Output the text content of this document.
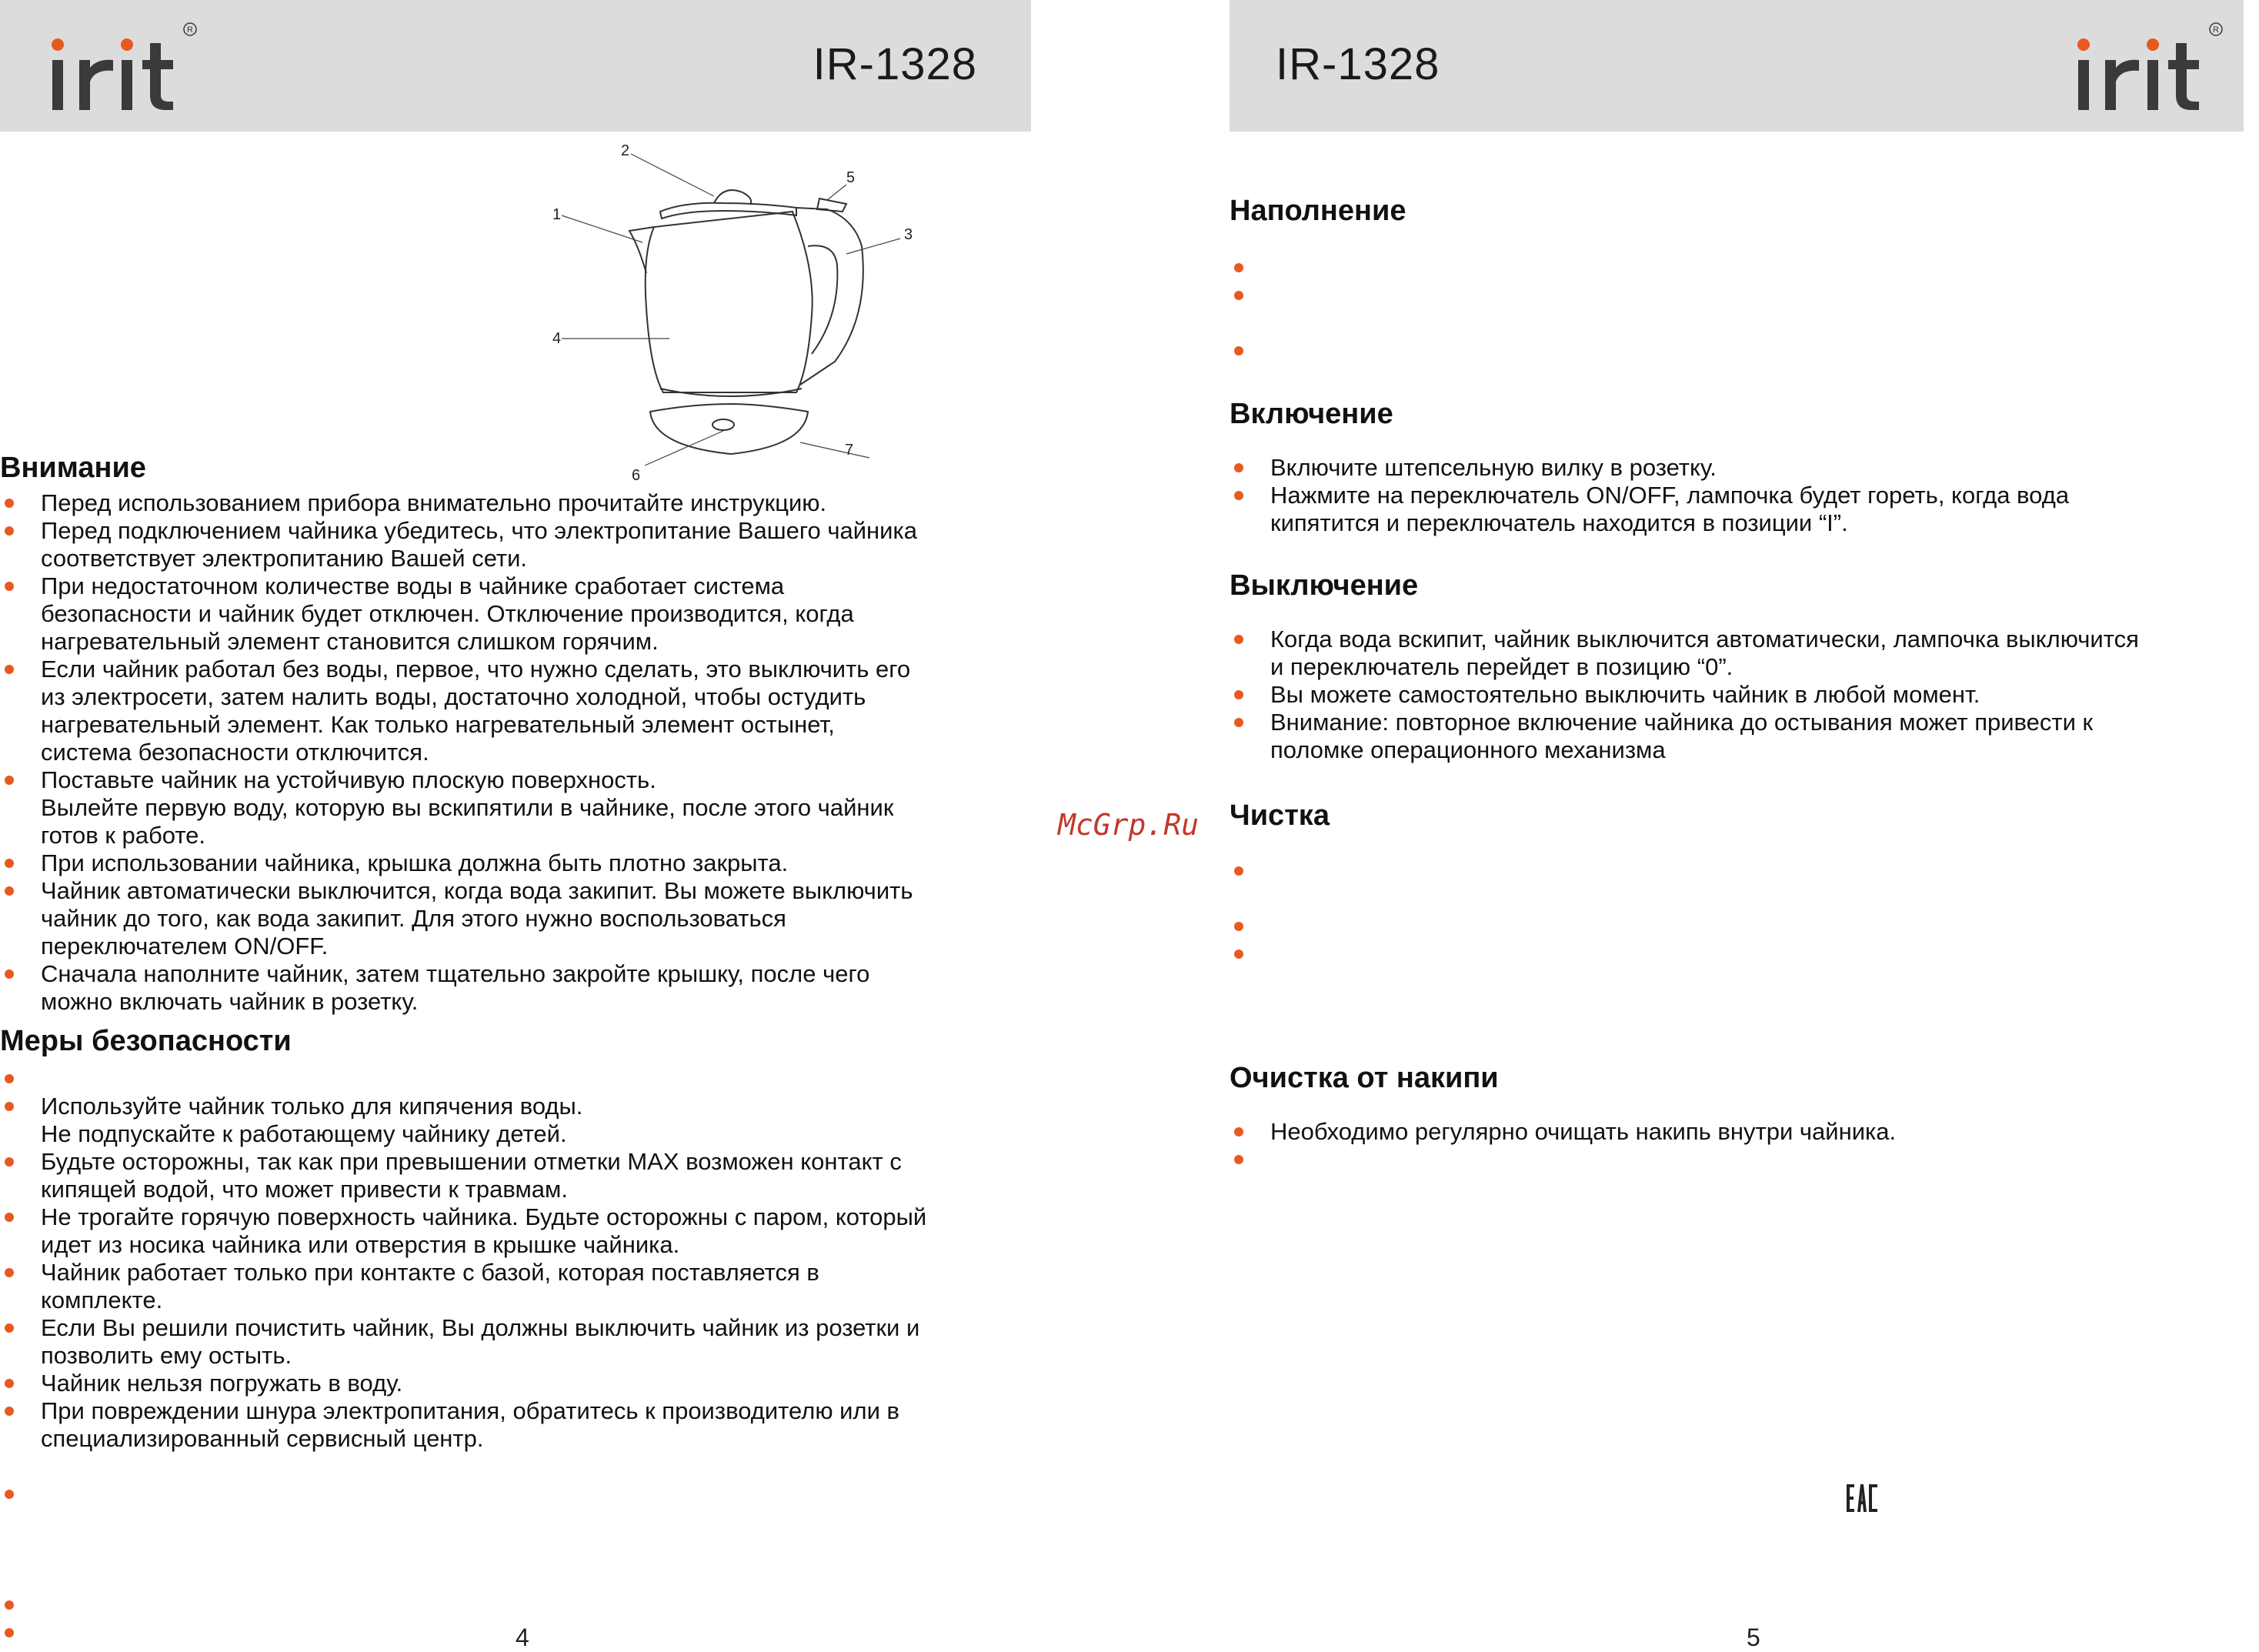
R
IR-1328
1
2
3
4
5
6
7
Внимание
Перед использованием прибора внимательно прочитайте инструкцию.
Перед подключением чайника убедитесь, что электропитание Вашего чайника
соответствует электропитанию Вашей сети.
При недостаточном количестве воды в чайнике сработает система
безопасности и чайник будет отключен. Отключение производится, когда
нагревательный элемент становится слишком горячим.
Если чайник работал без воды, первое, что нужно сделать, это выключить его
из электросети, затем налить воды, достаточно холодной, чтобы остудить
нагревательный элемент. Как только нагревательный элемент остынет,
система безопасности отключится.
Поставьте чайник на устойчивую плоскую поверхность.
Вылейте первую воду, которую вы вскипятили в чайнике, после этого чайник
готов к работе.
При использовании чайника, крышка должна быть плотно закрыта.
Чайник автоматически выключится, когда вода закипит. Вы можете выключить
чайник до того, как вода закипит. Для этого нужно воспользоваться
переключателем ON/OFF.
Сначала наполните чайник, затем тщательно закройте крышку, после чего
можно включать чайник в розетку.
Меры безопасности
Используйте чайник только для кипячения воды.
Не подпускайте к работающему чайнику детей.
Будьте осторожны, так как при превышении отметки MAX возможен контакт с
кипящей водой, что может привести к травмам.
Не трогайте горячую поверхность чайника. Будьте осторожны с паром, который
идет из носика чайника или отверстия в крышке чайника.
Чайник работает только при контакте с базой, которая поставляется в
комплекте.
Если Вы решили почистить чайник, Вы должны выключить чайник из розетки и
позволить ему остыть.
Чайник нельзя погружать в воду.
При повреждении шнура электропитания, обратитесь к производителю или в
специализированный сервисный центр.
4
McGrp.Ru
IR-1328
R
Наполнение
Включение
Включите штепсельную вилку в розетку.
Нажмите на переключатель ON/OFF, лампочка будет гореть, когда вода
кипятится и переключатель находится в позиции “I”.
Выключение
Когда вода вскипит, чайник выключится автоматически, лампочка выключится
и переключатель перейдет в позицию “0”.
Вы можете самостоятельно выключить чайник в любой момент.
Внимание: повторное включение чайника до остывания может привести к
поломке операционного механизма
Чистка
Очистка от накипи
Необходимо регулярно очищать накипь внутри чайника.
5
